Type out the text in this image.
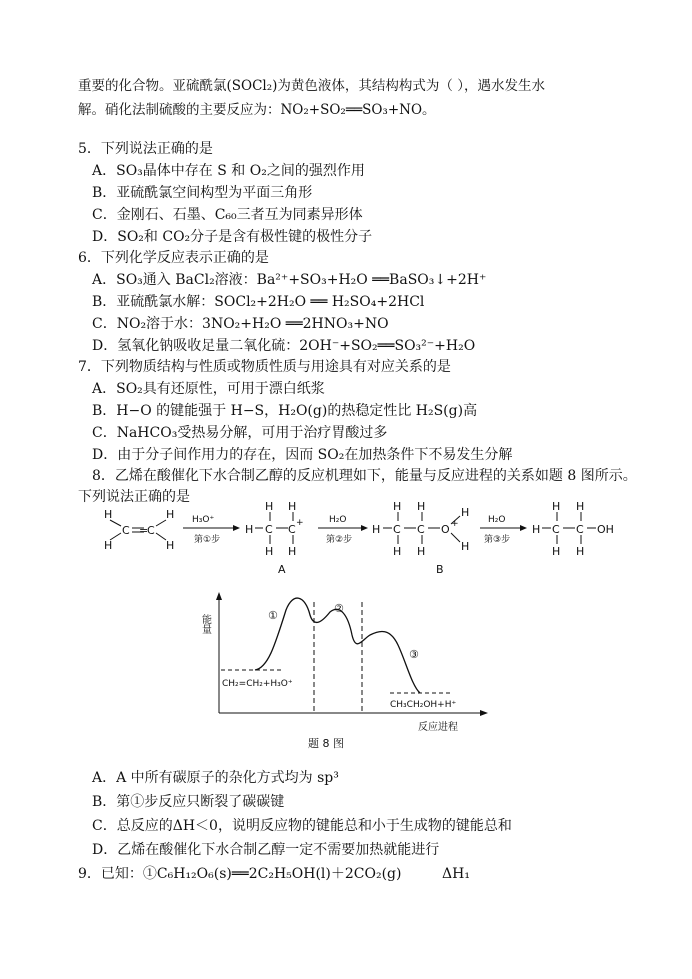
重要的化合物。亚硫酰氯(SOCl₂)为黄色液体，其结构构式为（ ），遇水发生水
解。硝化法制硫酸的主要反应为：NO₂+SO₂══SO₃+NO。
5．下列说法正确的是
A．SO₃晶体中存在 S 和 O₂之间的强烈作用
B．亚硫酰氯空间构型为平面三角形
C．金刚石、石墨、C₆₀三者互为同素异形体
D．SO₂和 CO₂分子是含有极性键的极性分子
6．下列化学反应表示正确的是
A．SO₃通入 BaCl₂溶液：Ba²⁺+SO₃+H₂O ══BaSO₃↓+2H⁺
B．亚硫酰氯水解：SOCl₂+2H₂O ══ H₂SO₄+2HCl
C．NO₂溶于水：3NO₂+H₂O ══2HNO₃+NO
D．氢氧化钠吸收足量二氧化硫：2OH⁻+SO₂══SO₃²⁻+H₂O
7．下列物质结构与性质或物质性质与用途具有对应关系的是
A．SO₂具有还原性，可用于漂白纸浆
B．H−O 的键能强于 H−S，H₂O(g)的热稳定性比 H₂S(g)高
C．NaHCO₃受热易分解，可用于治疗胃酸过多
D．由于分子间作用力的存在，因而 SO₂在加热条件下不易发生分解
8．乙烯在酸催化下水合制乙醇的反应机理如下，能量与反应进程的关系如题 8 图所示。
下列说法正确的是
H
H
C =
C
H
H
H₃O⁺
第①步
H
H
C
H
H
C +
H
A
H₂O
第②步
H
H
C
H
H
C
H
O +
H
H
B
H₂O
第③步
H
H
C
H
H
C
H
OH
能量	①
②
③
CH₂=CH₂+H₃O⁺
CH₃CH₂OH+H⁺
反应进程
题 8 图
A．A 中所有碳原子的杂化方式均为 sp³
B．第①步反应只断裂了碳碳键
C．总反应的ΔH＜0，说明反应物的键能总和小于生成物的键能总和
D．乙烯在酸催化下水合制乙醇一定不需要加热就能进行
9．已知：①C₆H₁₂O₆(s)══2C₂H₅OH(l)＋2CO₂(g)	ΔH₁
